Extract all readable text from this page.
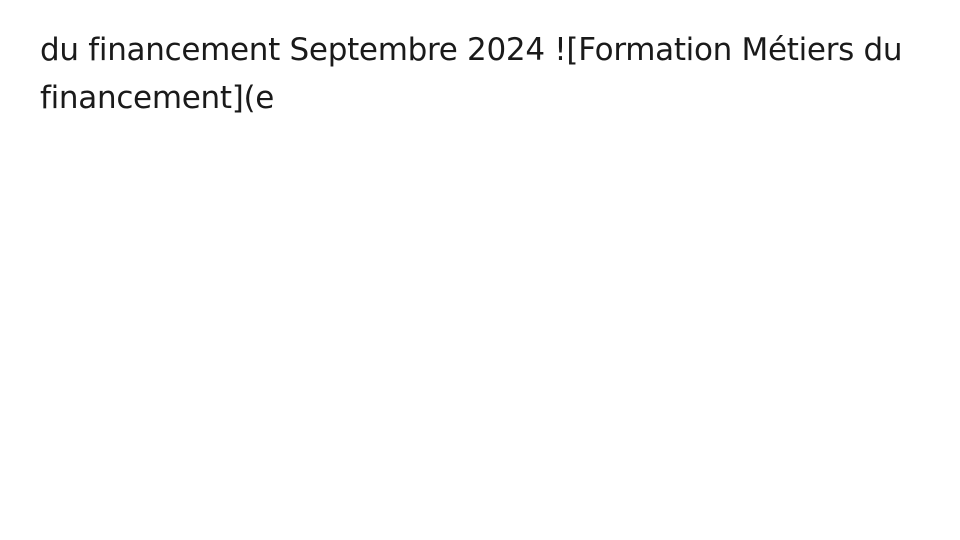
du financement Septembre 2024 ![Formation Métiers du financement](e
